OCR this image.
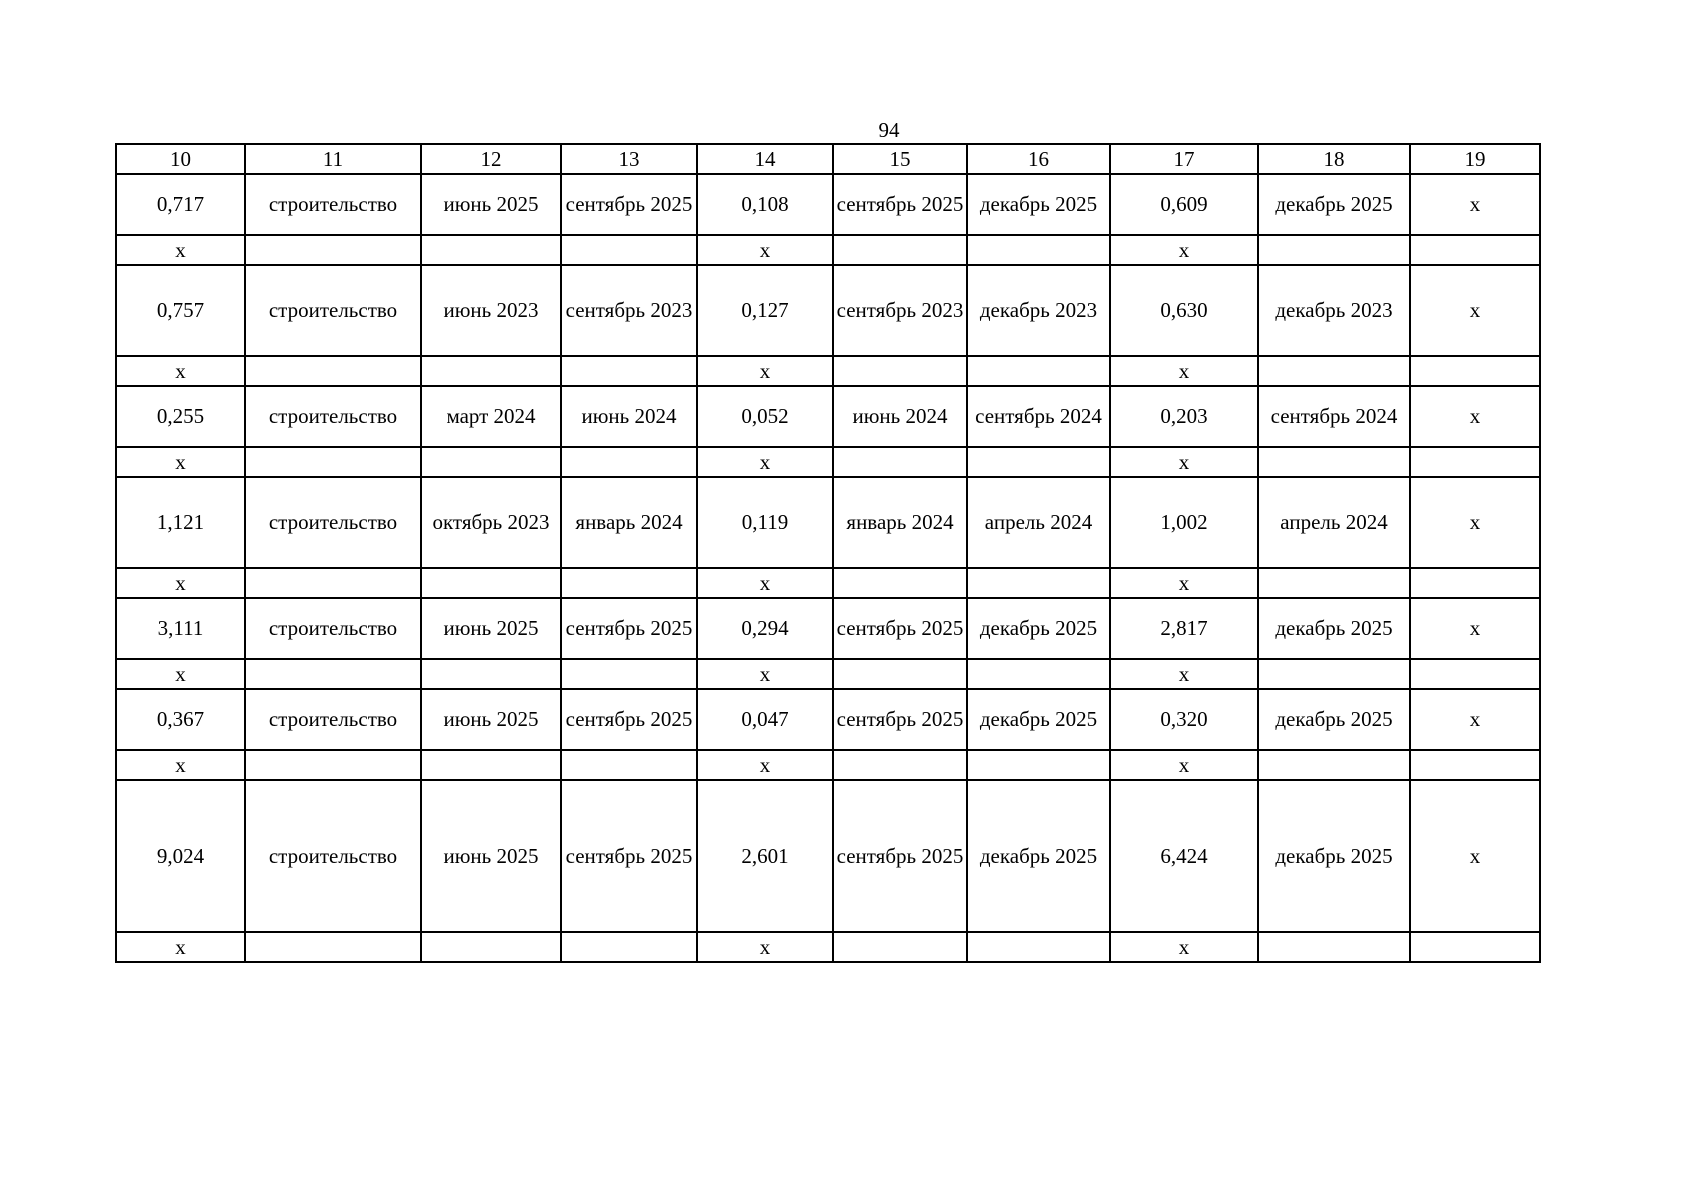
94
10	11	12	13	14	15	16	17	18	19
0,717	строительство	июнь 2025	сентябрь 2025	0,108	сентябрь 2025	декабрь 2025	0,609	декабрь 2025	х
х				х			х		
0,757	строительство	июнь 2023	сентябрь 2023	0,127	сентябрь 2023	декабрь 2023	0,630	декабрь 2023	х
х				х			х		
0,255	строительство	март 2024	июнь 2024	0,052	июнь 2024	сентябрь 2024	0,203	сентябрь 2024	х
х				х			х		
1,121	строительство	октябрь 2023	январь 2024	0,119	январь 2024	апрель 2024	1,002	апрель 2024	х
х				х			х		
3,111	строительство	июнь 2025	сентябрь 2025	0,294	сентябрь 2025	декабрь 2025	2,817	декабрь 2025	х
х				х			х		
0,367	строительство	июнь 2025	сентябрь 2025	0,047	сентябрь 2025	декабрь 2025	0,320	декабрь 2025	х
х				х			х		
9,024	строительство	июнь 2025	сентябрь 2025	2,601	сентябрь 2025	декабрь 2025	6,424	декабрь 2025	х
х				х			х		
